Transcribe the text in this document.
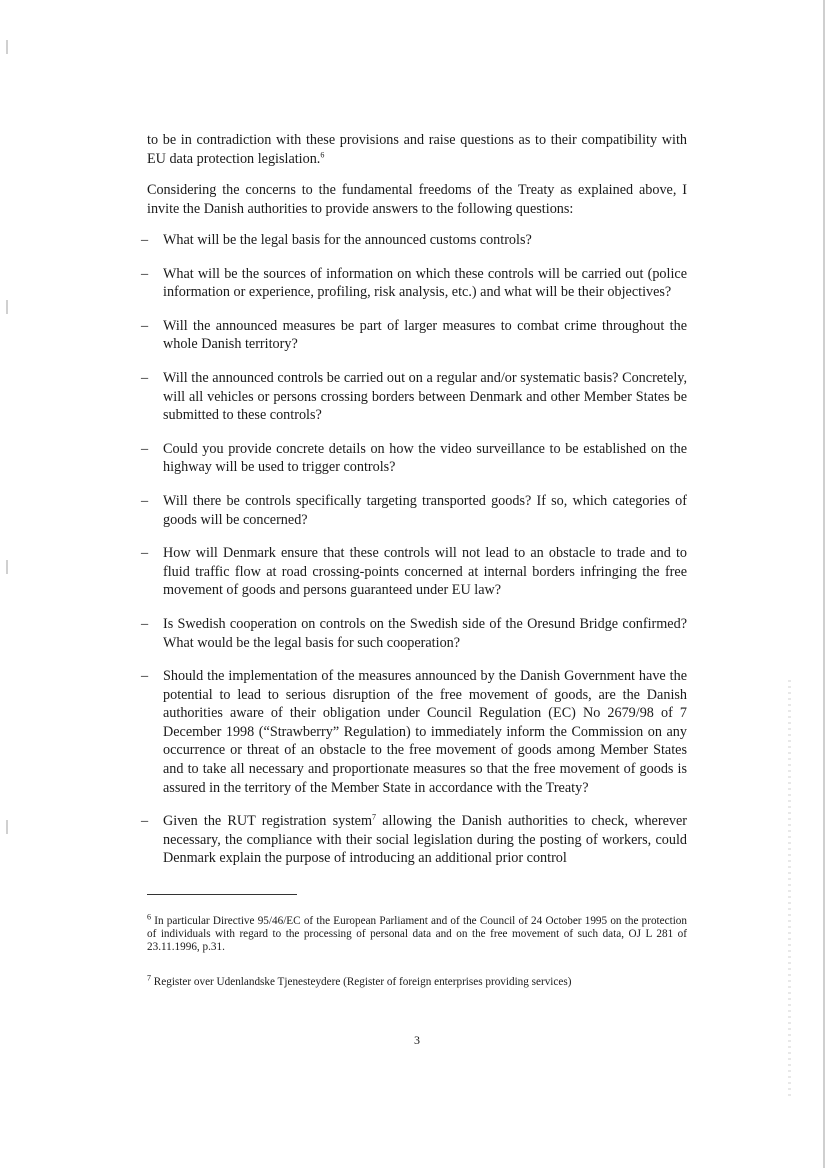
to be in contradiction with these provisions and raise questions as to their compatibility with EU data protection legislation.$^6$

Considering the concerns to the fundamental freedoms of the Treaty as explained above, I invite the Danish authorities to provide answers to the following questions:

– What will be the legal basis for the announced customs controls?

– What will be the sources of information on which these controls will be carried out (police information or experience, profiling, risk analysis, etc.) and what will be their objectives?

– Will the announced measures be part of larger measures to combat crime throughout the whole Danish territory?

– Will the announced controls be carried out on a regular and/or systematic basis? Concretely, will all vehicles or persons crossing borders between Denmark and other Member States be submitted to these controls?

– Could you provide concrete details on how the video surveillance to be established on the highway will be used to trigger controls?

– Will there be controls specifically targeting transported goods? If so, which categories of goods will be concerned?

– How will Denmark ensure that these controls will not lead to an obstacle to trade and to fluid traffic flow at road crossing-points concerned at internal borders infringing the free movement of goods and persons guaranteed under EU law?

– Is Swedish cooperation on controls on the Swedish side of the Oresund Bridge confirmed? What would be the legal basis for such cooperation?

– Should the implementation of the measures announced by the Danish Government have the potential to lead to serious disruption of the free movement of goods, are the Danish authorities aware of their obligation under Council Regulation (EC) No 2679/98 of 7 December 1998 (“Strawberry” Regulation) to immediately inform the Commission on any occurrence or threat of an obstacle to the free movement of goods among Member States and to take all necessary and proportionate measures so that the free movement of goods is assured in the territory of the Member State in accordance with the Treaty?

– Given the RUT registration system$^7$ allowing the Danish authorities to check, wherever necessary, the compliance with their social legislation during the posting of workers, could Denmark explain the purpose of introducing an additional prior control

$^6$ In particular Directive 95/46/EC of the European Parliament and of the Council of 24 October 1995 on the protection of individuals with regard to the processing of personal data and on the free movement of such data, OJ L 281 of 23.11.1996, p.31.

$^7$ Register over Udenlandske Tjenesteydere (Register of foreign enterprises providing services)

3
